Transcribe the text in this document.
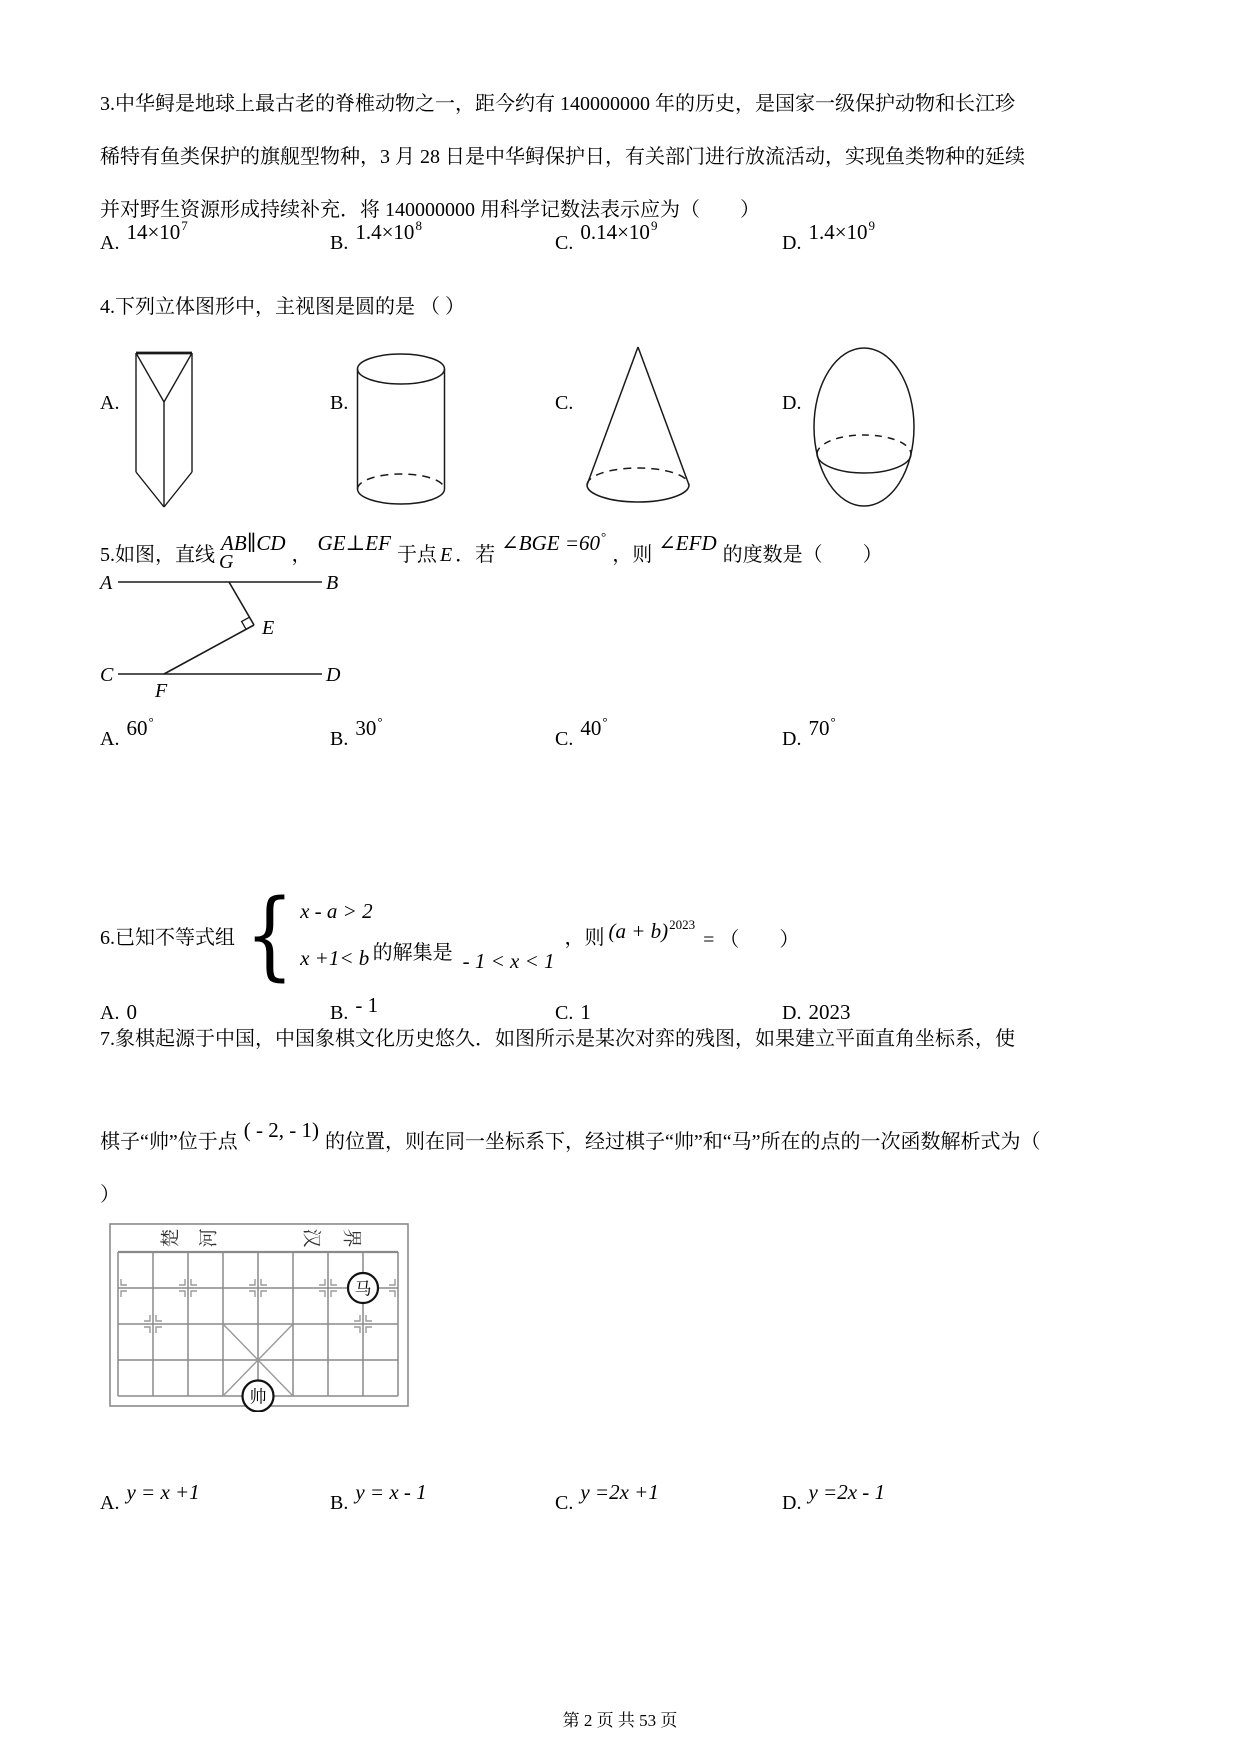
3.中华鲟是地球上最古老的脊椎动物之一，距今约有 140000000 年的历史，是国家一级保护动物和长江珍
稀特有鱼类保护的旗舰型物种，3 月 28 日是中华鲟保护日，有关部门进行放流活动，实现鱼类物种的延续
并对野生资源形成持续补充．将 140000000 用科学记数法表示应为（　　）
A. $14\times 10^7$
B. $1.4\times 10^8$
C. $0.14\times 10^9$
D. $1.4\times 10^9$
4.下列立体图形中，主视图是圆的是 （ ）
A.	B.	C.	D.
5.如图，直线 AB∥CD ， GE⊥EF 于点 E ．若 ∠BGE =60°，则 ∠EFD 的度数是（　　）
A	B
G
E
C	D
F
A. 60°
B. 30°
C. 40°
D. 70°
6.已知不等式组 { x - a > 2
x +1< b 的解集是 - 1 < x < 1
，则 $(a + b)^{2023}$
= （　　）
A. 0	B. - 1	C. 1	D. 2023
7.象棋起源于中国，中国象棋文化历史悠久．如图所示是某次对弈的残图，如果建立平面直角坐标系，使
棋子“帅”位于点 ( - 2, - 1) 的位置，则在同一坐标系下，经过棋子“帅”和“马”所在的点的一次函数解析式为（
）
楚 河	汉 界
马
帅
A. y = x +1	B. y = x - 1	C. y =2x +1	D. y =2x - 1
第 2 页 共 53 页
